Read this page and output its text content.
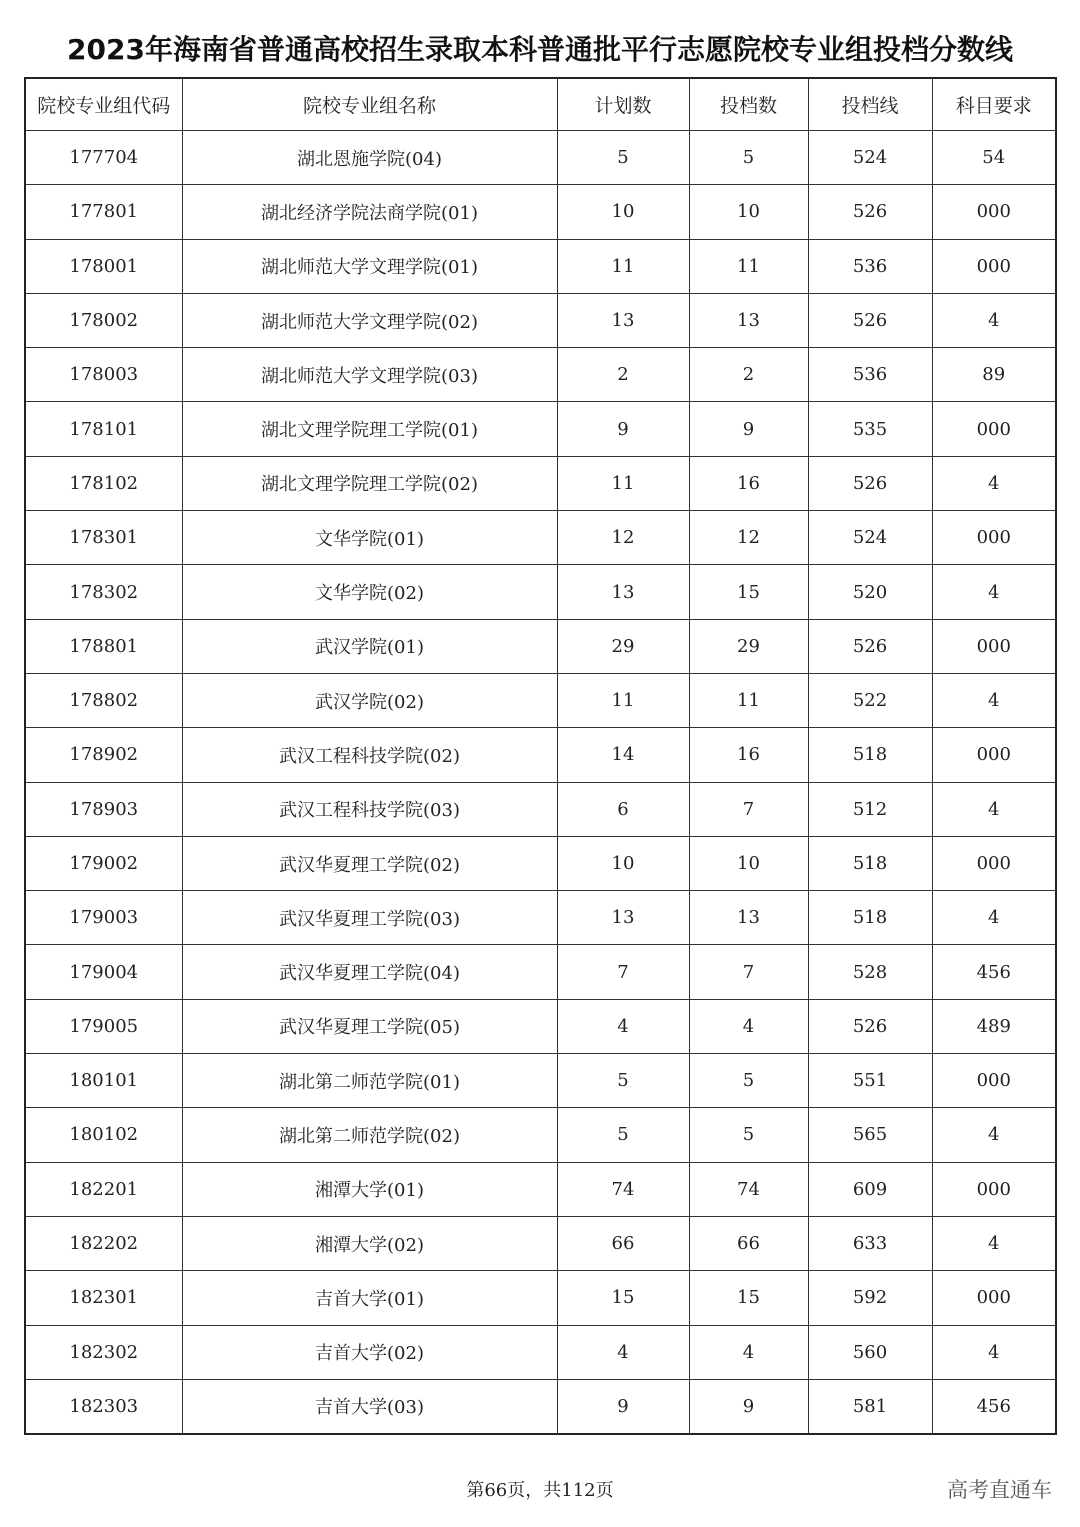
2023年海南省普通高校招生录取本科普通批平行志愿院校专业组投档分数线
院校专业组代码	院校专业组名称	计划数	投档数	投档线	科目要求
177704	湖北恩施学院(04)	5	5	524	54
177801	湖北经济学院法商学院(01)	10	10	526	000
178001	湖北师范大学文理学院(01)	11	11	536	000
178002	湖北师范大学文理学院(02)	13	13	526	4
178003	湖北师范大学文理学院(03)	2	2	536	89
178101	湖北文理学院理工学院(01)	9	9	535	000
178102	湖北文理学院理工学院(02)	11	16	526	4
178301	文华学院(01)	12	12	524	000
178302	文华学院(02)	13	15	520	4
178801	武汉学院(01)	29	29	526	000
178802	武汉学院(02)	11	11	522	4
178902	武汉工程科技学院(02)	14	16	518	000
178903	武汉工程科技学院(03)	6	7	512	4
179002	武汉华夏理工学院(02)	10	10	518	000
179003	武汉华夏理工学院(03)	13	13	518	4
179004	武汉华夏理工学院(04)	7	7	528	456
179005	武汉华夏理工学院(05)	4	4	526	489
180101	湖北第二师范学院(01)	5	5	551	000
180102	湖北第二师范学院(02)	5	5	565	4
182201	湘潭大学(01)	74	74	609	000
182202	湘潭大学(02)	66	66	633	4
182301	吉首大学(01)	15	15	592	000
182302	吉首大学(02)	4	4	560	4
182303	吉首大学(03)	9	9	581	456
第66页，共112页	高考直通车
